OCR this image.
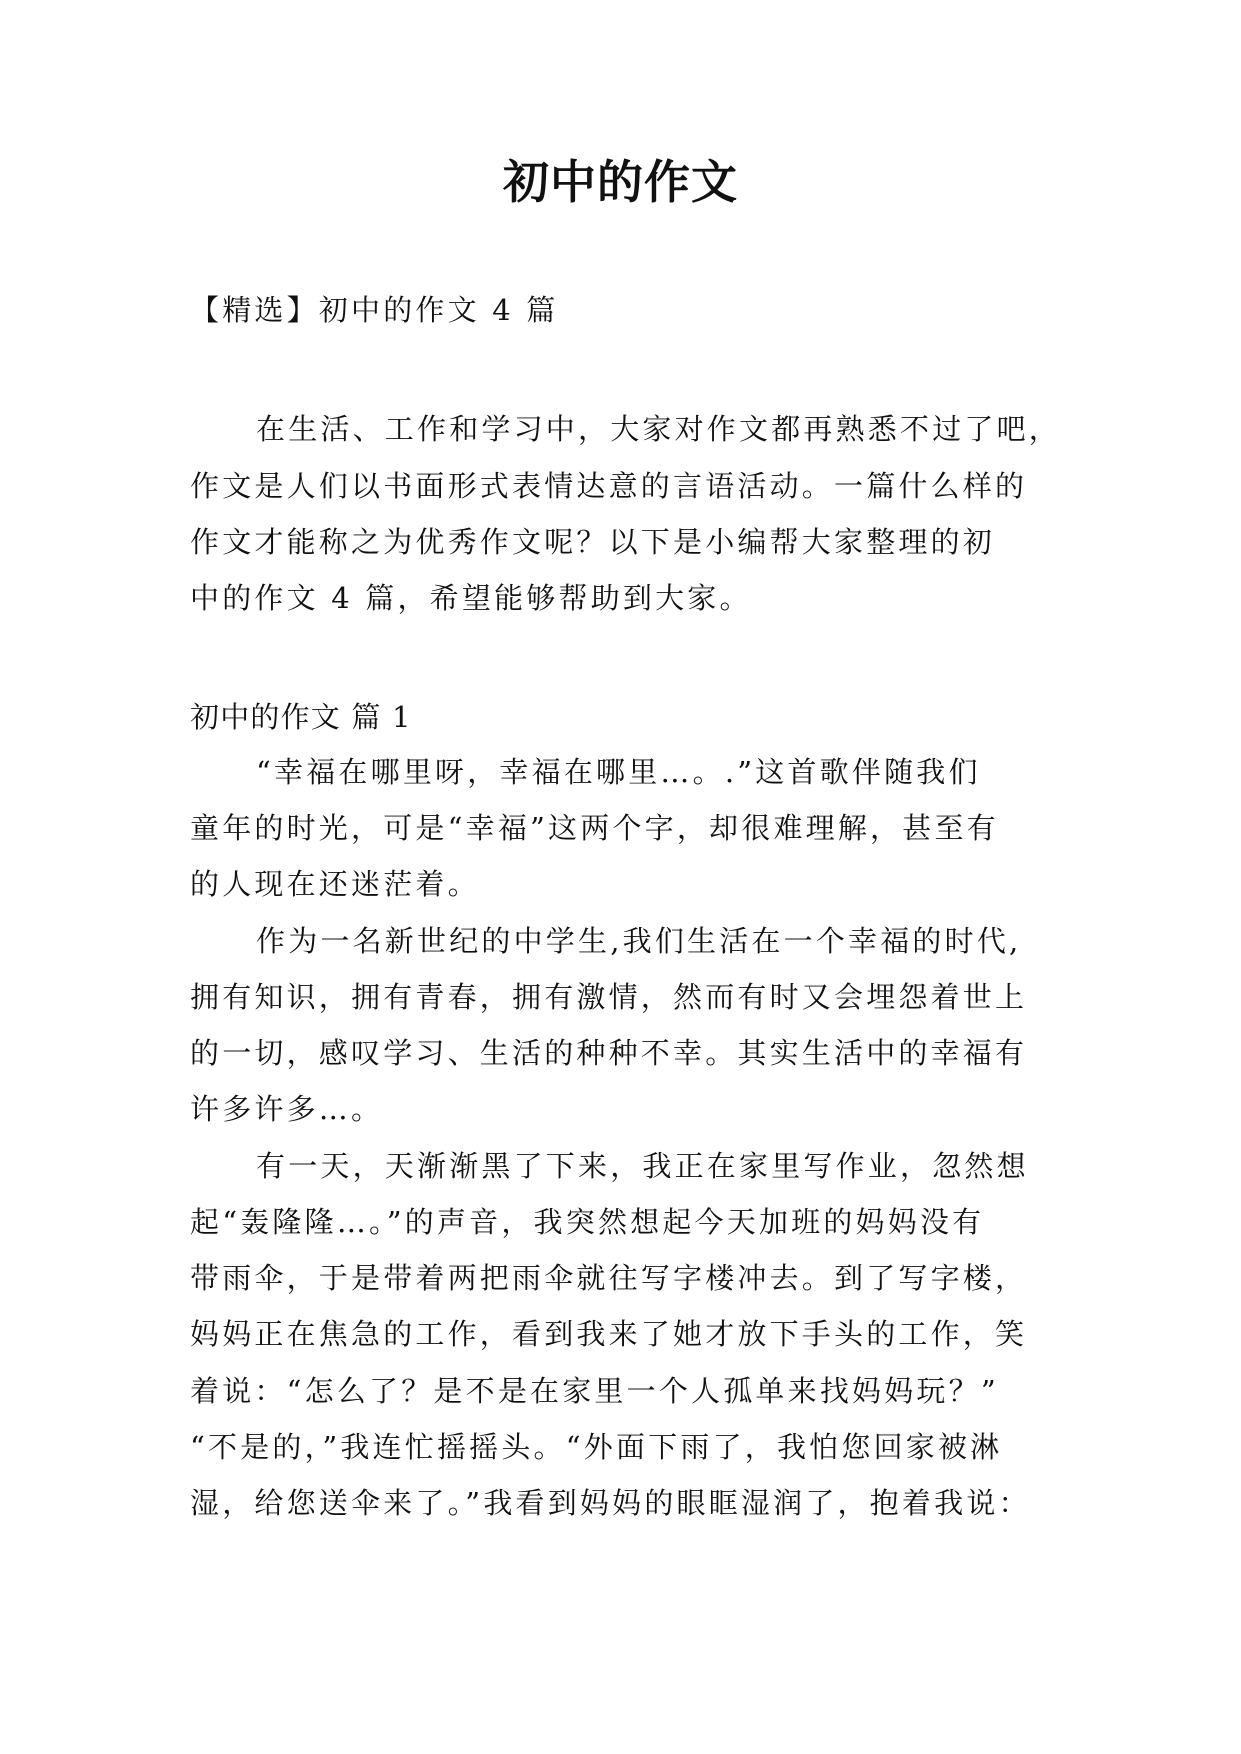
初中的作文
【精选】初中的作文 4 篇
在生活、工作和学习中，大家对作文都再熟悉不过了吧，
作文是人们以书面形式表情达意的言语活动。一篇什么样的
作文才能称之为优秀作文呢？以下是小编帮大家整理的初
中的作文 4 篇，希望能够帮助到大家。
初中的作文 篇 1
“幸福在哪里呀，幸福在哪里…。.”这首歌伴随我们
童年的时光，可是“幸福”这两个字，却很难理解，甚至有
的人现在还迷茫着。
作为一名新世纪的中学生,我们生活在一个幸福的时代,
拥有知识，拥有青春，拥有激情，然而有时又会埋怨着世上
的一切，感叹学习、生活的种种不幸。其实生活中的幸福有
许多许多…。
有一天，天渐渐黑了下来，我正在家里写作业，忽然想
起“轰隆隆…。”的声音，我突然想起今天加班的妈妈没有
带雨伞，于是带着两把雨伞就往写字楼冲去。到了写字楼，
妈妈正在焦急的工作，看到我来了她才放下手头的工作，笑
着说：“怎么了？是不是在家里一个人孤单来找妈妈玩？”
“不是的，”我连忙摇摇头。“外面下雨了，我怕您回家被淋
湿，给您送伞来了。”我看到妈妈的眼眶湿润了，抱着我说：
